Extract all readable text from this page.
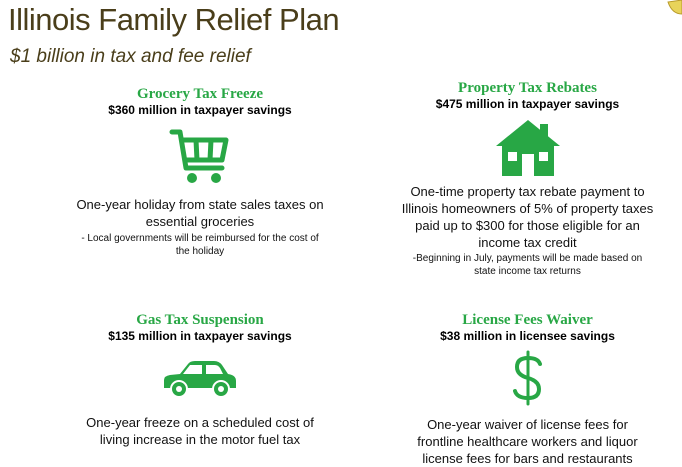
Illinois Family Relief Plan
$1 billion in tax and fee relief
Grocery Tax Freeze
$360 million in taxpayer savings
One-year holiday from state sales taxes on essential groceries
- Local governments will be reimbursed for the cost of the holiday
Property Tax Rebates
$475 million in taxpayer savings
One-time property tax rebate payment to Illinois homeowners of 5% of property taxes paid up to $300 for those eligible for an income tax credit
-Beginning in July, payments will be made based on state income tax returns
Gas Tax Suspension
$135 million in taxpayer savings
One-year freeze on a scheduled cost of living increase in the motor fuel tax
License Fees Waiver
$38 million in licensee savings
One-year waiver of license fees for frontline healthcare workers and liquor license fees for bars and restaurants
